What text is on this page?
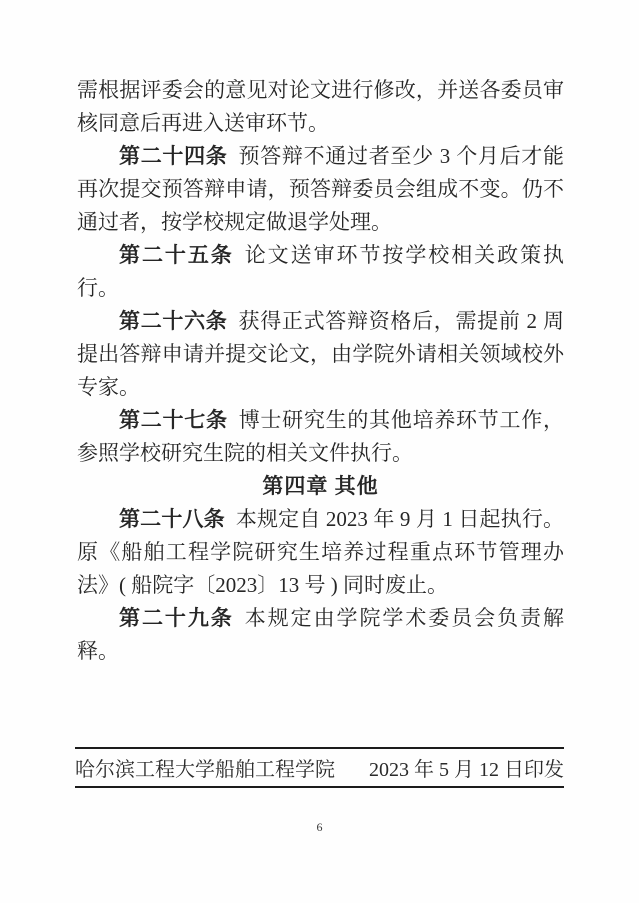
需根据评委会的意见对论文进行修改，并送各委员审核同意后再进入送审环节。

第二十四条 预答辩不通过者至少 3 个月后才能再次提交预答辩申请，预答辩委员会组成不变。仍不通过者，按学校规定做退学处理。

第二十五条 论文送审环节按学校相关政策执行。

第二十六条 获得正式答辩资格后，需提前 2 周提出答辩申请并提交论文，由学院外请相关领域校外专家。

第二十七条 博士研究生的其他培养环节工作，参照学校研究生院的相关文件执行。

第四章 其他

第二十八条 本规定自 2023 年 9 月 1 日起执行。原《船舶工程学院研究生培养过程重点环节管理办法》( 船院字〔2023〕13 号 ) 同时废止。

第二十九条 本规定由学院学术委员会负责解释。

哈尔滨工程大学船舶工程学院 2023 年 5 月 12 日印发
6
